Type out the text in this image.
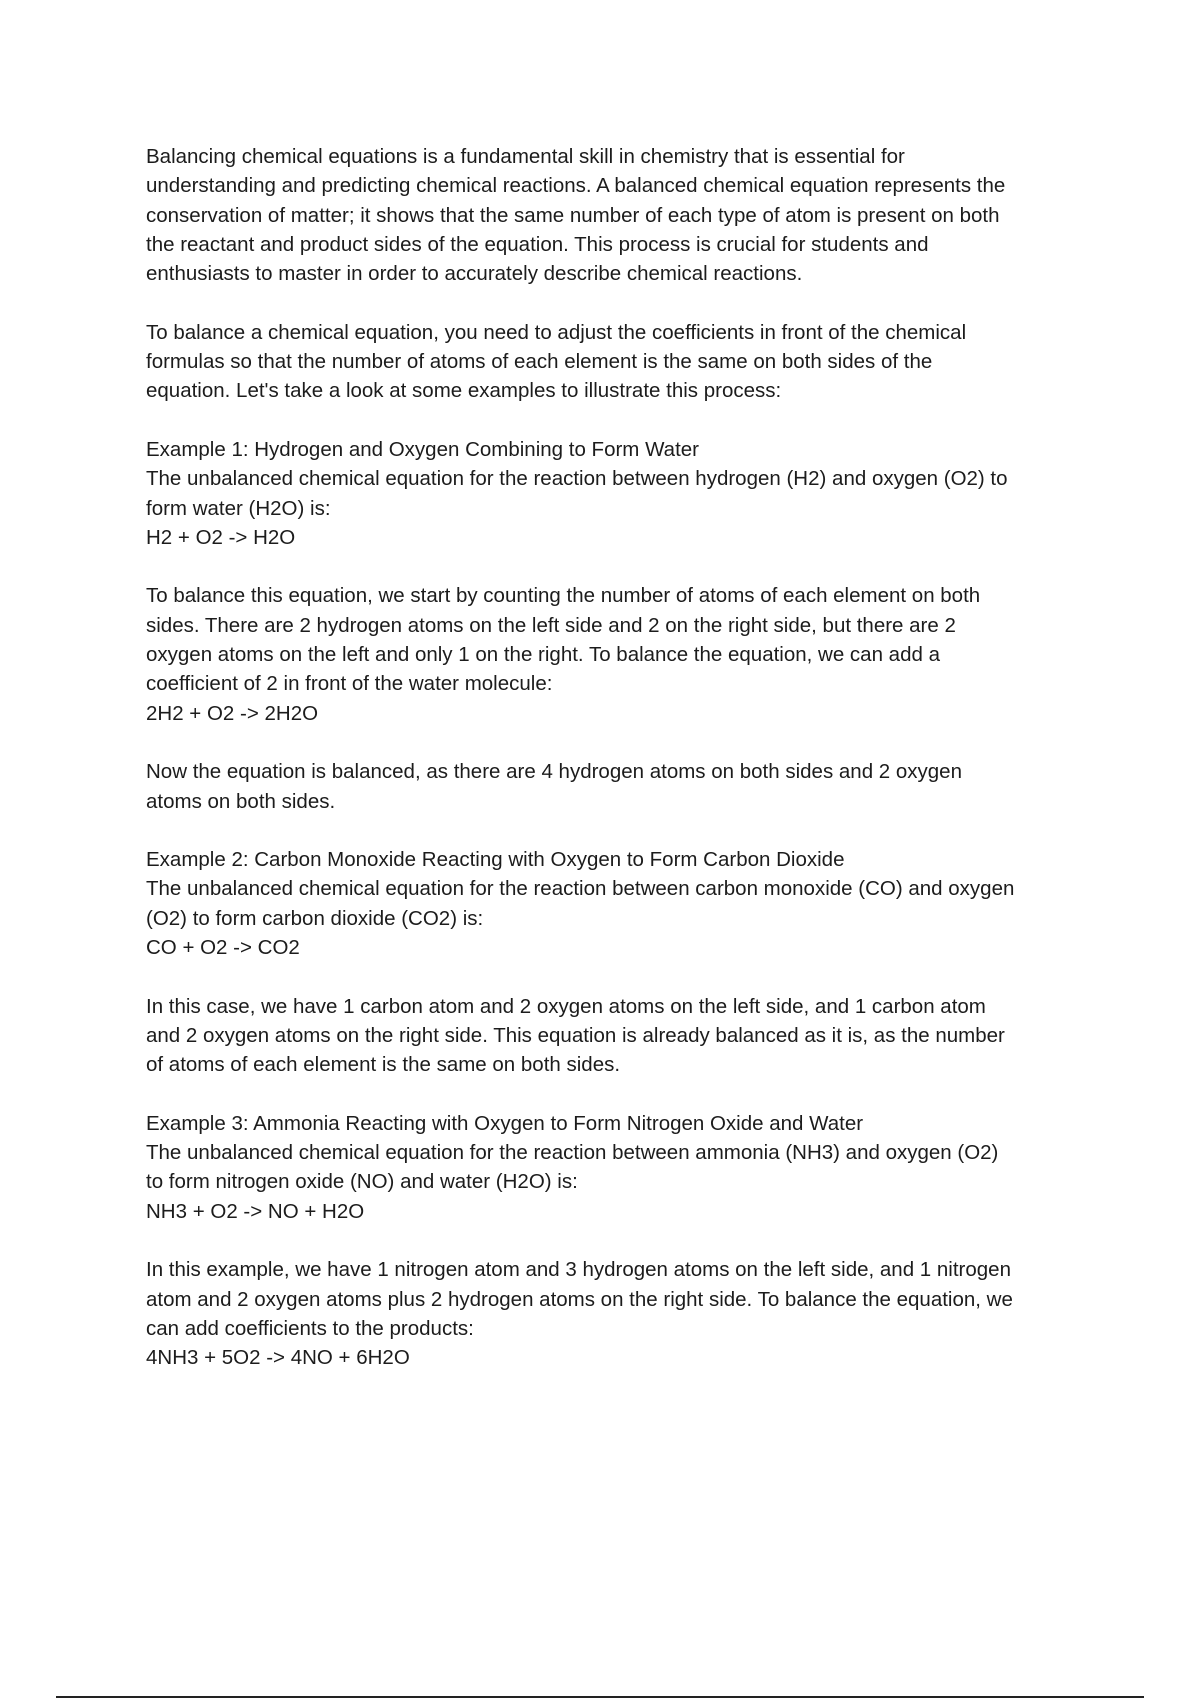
Balancing chemical equations is a fundamental skill in chemistry that is essential for
understanding and predicting chemical reactions. A balanced chemical equation represents the
conservation of matter; it shows that the same number of each type of atom is present on both
the reactant and product sides of the equation. This process is crucial for students and
enthusiasts to master in order to accurately describe chemical reactions.
To balance a chemical equation, you need to adjust the coefficients in front of the chemical
formulas so that the number of atoms of each element is the same on both sides of the
equation. Let's take a look at some examples to illustrate this process:
Example 1: Hydrogen and Oxygen Combining to Form Water
The unbalanced chemical equation for the reaction between hydrogen (H2) and oxygen (O2) to
form water (H2O) is:
H2 + O2 -> H2O
To balance this equation, we start by counting the number of atoms of each element on both
sides. There are 2 hydrogen atoms on the left side and 2 on the right side, but there are 2
oxygen atoms on the left and only 1 on the right. To balance the equation, we can add a
coefficient of 2 in front of the water molecule:
2H2 + O2 -> 2H2O
Now the equation is balanced, as there are 4 hydrogen atoms on both sides and 2 oxygen
atoms on both sides.
Example 2: Carbon Monoxide Reacting with Oxygen to Form Carbon Dioxide
The unbalanced chemical equation for the reaction between carbon monoxide (CO) and oxygen
(O2) to form carbon dioxide (CO2) is:
CO + O2 -> CO2
In this case, we have 1 carbon atom and 2 oxygen atoms on the left side, and 1 carbon atom
and 2 oxygen atoms on the right side. This equation is already balanced as it is, as the number
of atoms of each element is the same on both sides.
Example 3: Ammonia Reacting with Oxygen to Form Nitrogen Oxide and Water
The unbalanced chemical equation for the reaction between ammonia (NH3) and oxygen (O2)
to form nitrogen oxide (NO) and water (H2O) is:
NH3 + O2 -> NO + H2O
In this example, we have 1 nitrogen atom and 3 hydrogen atoms on the left side, and 1 nitrogen
atom and 2 oxygen atoms plus 2 hydrogen atoms on the right side. To balance the equation, we
can add coefficients to the products:
4NH3 + 5O2 -> 4NO + 6H2O
